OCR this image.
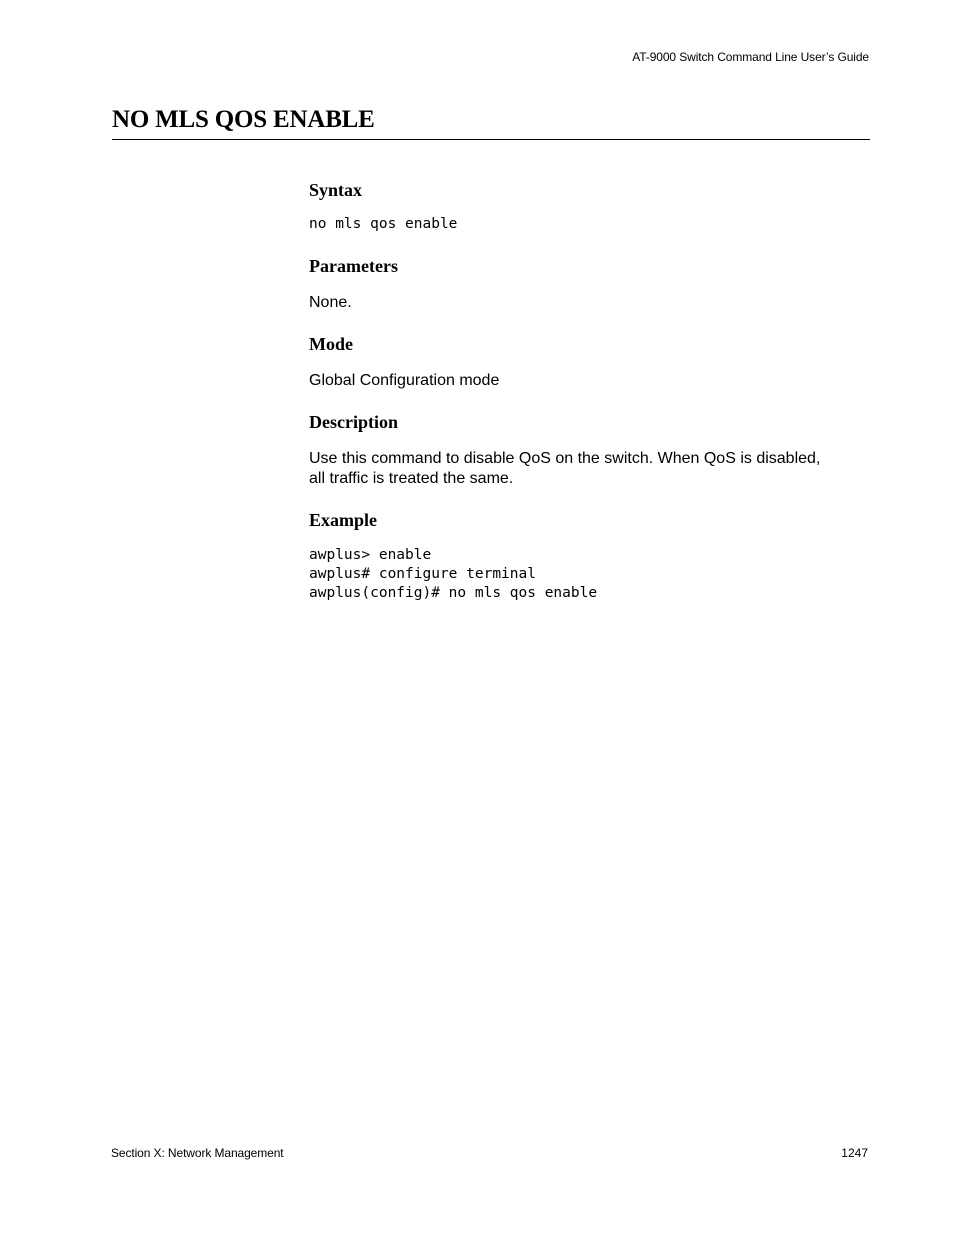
AT-9000 Switch Command Line User’s Guide
NO MLS QOS ENABLE
Syntax
no mls qos enable
Parameters

None.

Mode

Global Configuration mode

Description

Use this command to disable QoS on the switch. When QoS is disabled,
all traffic is treated the same.

Example
awplus> enable
awplus# configure terminal
awplus(config)# no mls qos enable
Section X: Network Management	1247
